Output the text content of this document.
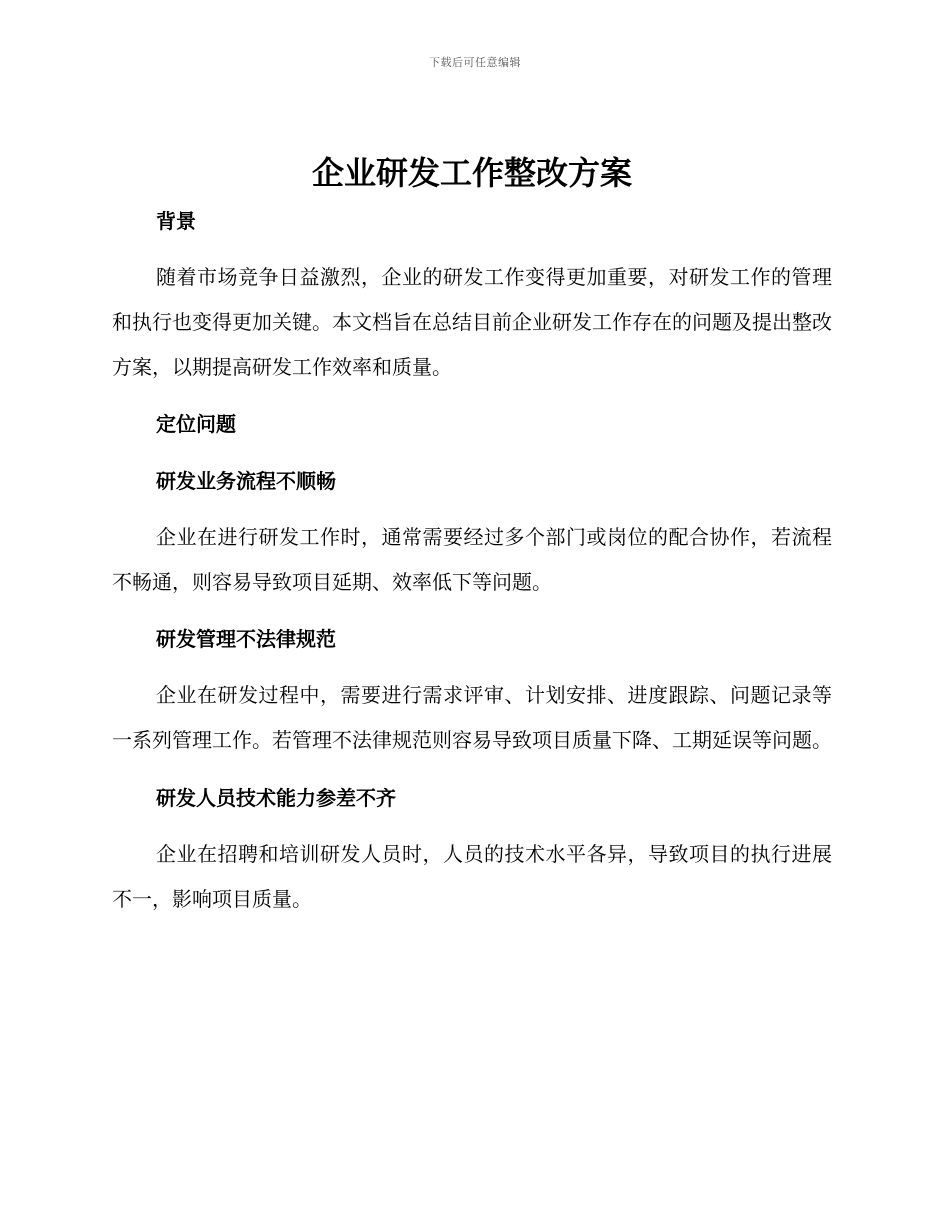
下载后可任意编辑
企业研发工作整改方案
背景

随着市场竞争日益激烈，企业的研发工作变得更加重要，对研发工作的管理和执行也变得更加关键。本文档旨在总结目前企业研发工作存在的问题及提出整改方案，以期提高研发工作效率和质量。

定位问题
研发业务流程不顺畅

企业在进行研发工作时，通常需要经过多个部门或岗位的配合协作，若流程不畅通，则容易导致项目延期、效率低下等问题。

研发管理不法律规范

企业在研发过程中，需要进行需求评审、计划安排、进度跟踪、问题记录等一系列管理工作。若管理不法律规范则容易导致项目质量下降、工期延误等问题。

研发人员技术能力参差不齐

企业在招聘和培训研发人员时，人员的技术水平各异，导致项目的执行进展不一，影响项目质量。
